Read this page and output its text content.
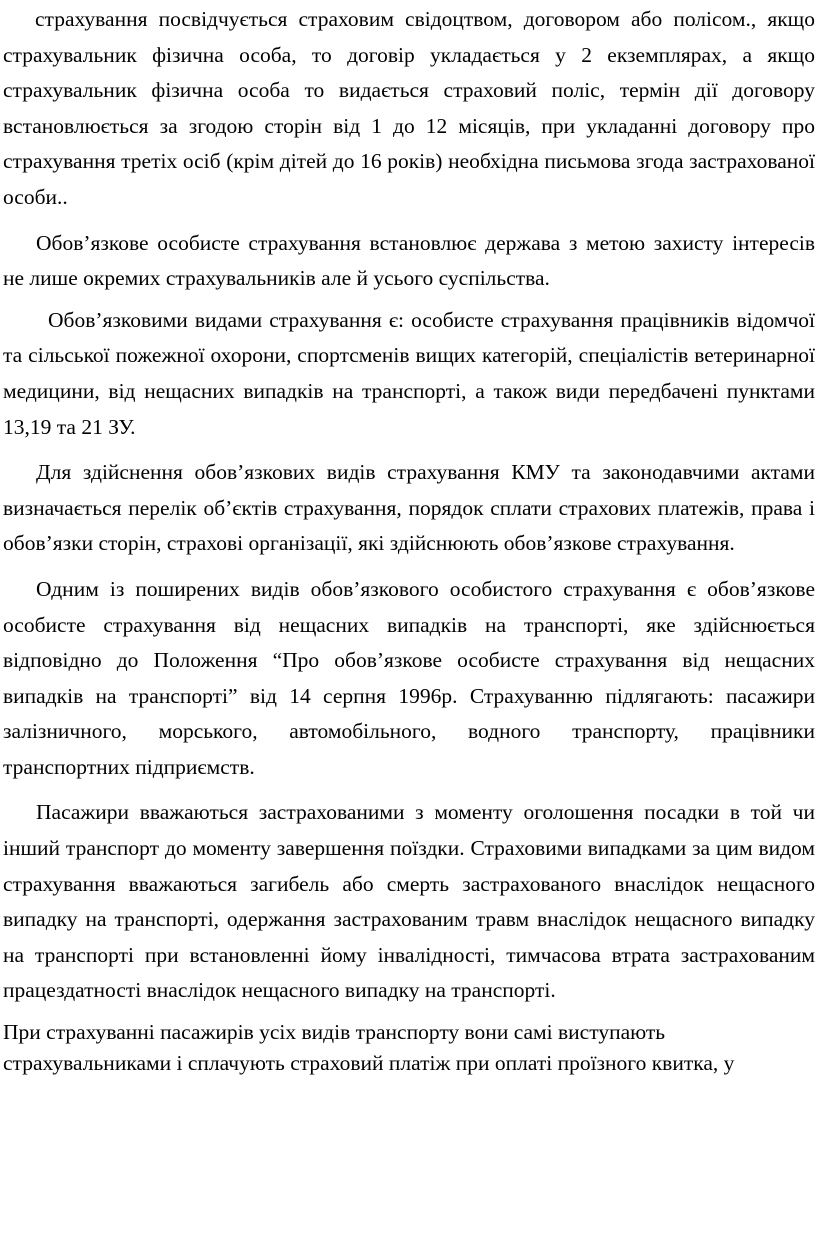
страхування посвідчується страховим свідоцтвом, договором або полісом., якщо страхувальник фізична особа, то договір укладається у 2 екземплярах, а якщо страхувальник фізична особа то видається страховий поліс, термін дії договору встановлюється за згодою сторін від 1 до 12 місяців, при укладанні договору про страхування третіх осіб (крім дітей до 16 років) необхідна письмова згода застрахованої особи..

Обов’язкове особисте страхування встановлює держава з метою захисту інтересів не лише окремих страхувальників але й усього суспільства.

Обов’язковими видами страхування є: особисте страхування працівників відомчої та сільської пожежної охорони, спортсменів вищих категорій, спеціалістів ветеринарної медицини, від нещасних випадків на транспорті, а також види передбачені пунктами 13,19 та 21 ЗУ.

Для здійснення обов’язкових видів страхування КМУ та законодавчими актами визначається перелік об’єктів страхування, порядок сплати страхових платежів, права і обов’язки сторін, страхові організації, які здійснюють обов’язкове страхування.

Одним із поширених видів обов’язкового особистого страхування є обов’язкове особисте страхування від нещасних випадків на транспорті, яке здійснюється відповідно до Положення “Про обов’язкове особисте страхування від нещасних випадків на транспорті” від 14 серпня 1996р. Страхуванню підлягають: пасажири залізничного, морського, автомобільного, водного транспорту, працівники транспортних підприємств.

Пасажири вважаються застрахованими з моменту оголошення посадки в той чи інший транспорт до моменту завершення поїздки. Страховими випадками за цим видом страхування вважаються загибель або смерть застрахованого внаслідок нещасного випадку на транспорті, одержання застрахованим травм внаслідок нещасного випадку на транспорті при встановленні йому інвалідності, тимчасова втрата застрахованим працездатності внаслідок нещасного випадку на транспорті.

При страхуванні пасажирів усіх видів транспорту вони самі виступають страхувальниками і сплачують страховий платіж при оплаті проїзного квитка, у
